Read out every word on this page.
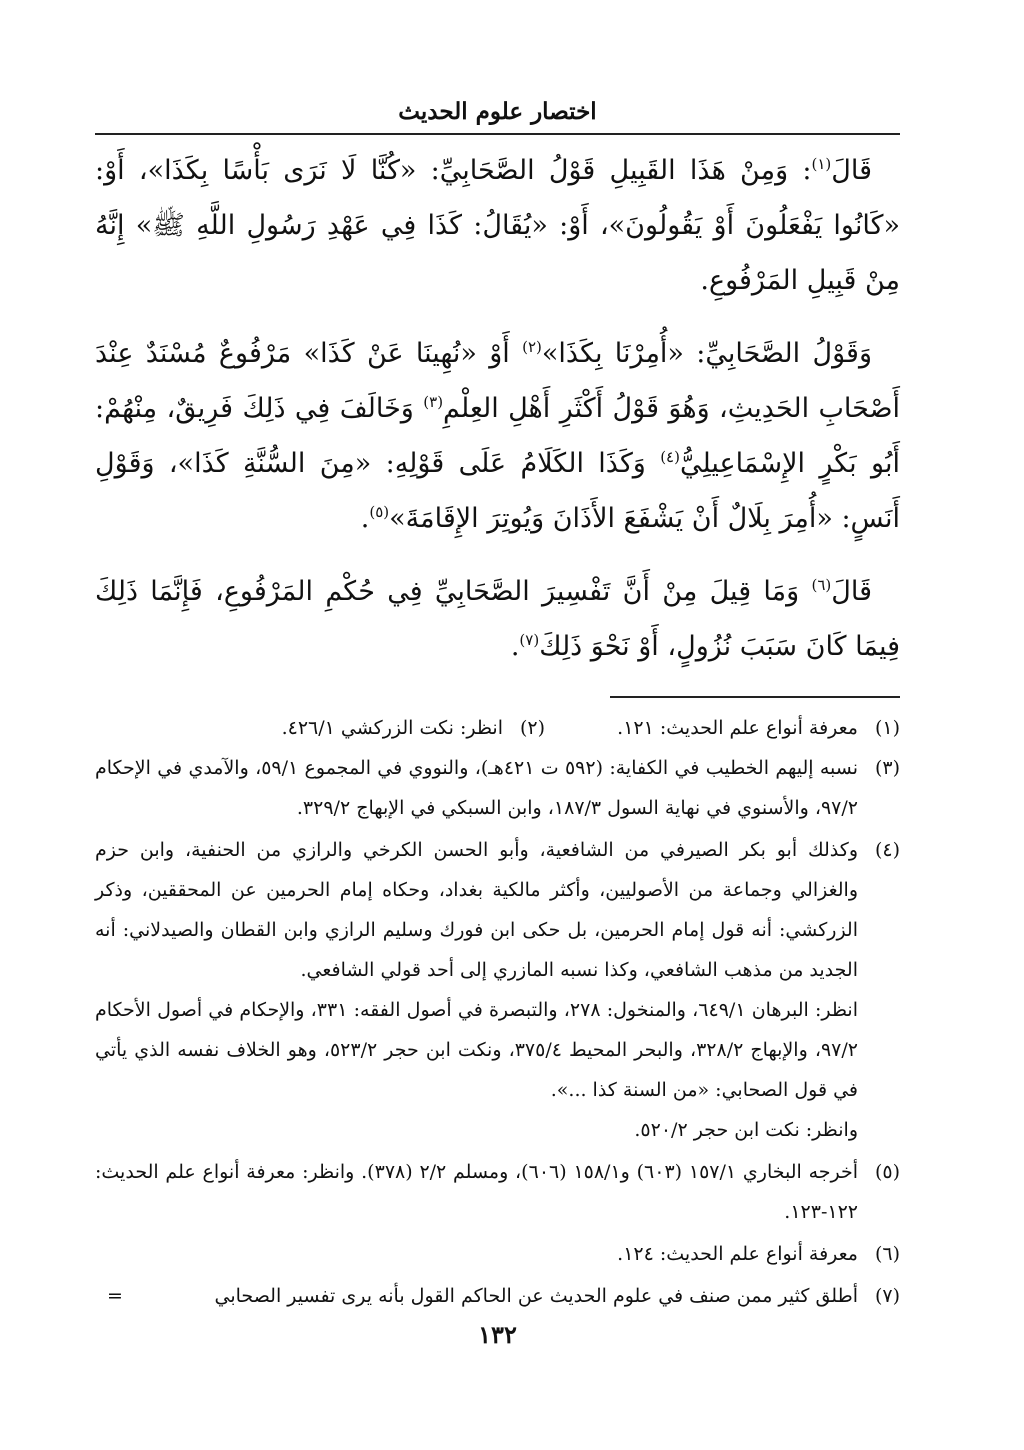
اختصار علوم الحديث

قَالَ$^{(١)}$: وَمِنْ هَذَا القَبِيلِ قَوْلُ الصَّحَابِيِّ: «كُنَّا لَا نَرَى بَأْسًا بِكَذَا»، أَوْ: «كَانُوا يَفْعَلُونَ أَوْ يَقُولُونَ»، أَوْ: «يُقَالُ: كَذَا فِي عَهْدِ رَسُولِ اللَّهِ ﷺ» إِنَّهُ مِنْ قَبِيلِ المَرْفُوعِ.

وَقَوْلُ الصَّحَابِيِّ: «أُمِرْنَا بِكَذَا»$^{(٢)}$ أَوْ «نُهِينَا عَنْ كَذَا» مَرْفُوعٌ مُسْنَدٌ عِنْدَ أَصْحَابِ الحَدِيثِ، وَهُوَ قَوْلُ أَكْثَرِ أَهْلِ العِلْمِ$^{(٣)}$ وَخَالَفَ فِي ذَلِكَ فَرِيقٌ، مِنْهُمْ: أَبُو بَكْرٍ الإِسْمَاعِيلِيُّ$^{(٤)}$ وَكَذَا الكَلَامُ عَلَى قَوْلِهِ: «مِنَ السُّنَّةِ كَذَا»، وَقَوْلِ أَنَسٍ: «أُمِرَ بِلَالٌ أَنْ يَشْفَعَ الأَذَانَ وَيُوتِرَ الإِقَامَةَ»$^{(٥)}$.

قَالَ$^{(٦)}$ وَمَا قِيلَ مِنْ أَنَّ تَفْسِيرَ الصَّحَابِيِّ فِي حُكْمِ المَرْفُوعِ، فَإِنَّمَا ذَلِكَ فِيمَا كَانَ سَبَبَ نُزُولٍ، أَوْ نَحْوَ ذَلِكَ$^{(٧)}$.

(١)
معرفة أنواع علم الحديث: ١٢١.
(٢)
انظر: نكت الزركشي ٤٢٦/١.
(٣)

نسبه إليهم الخطيب في الكفاية: (٥٩٢ ت ٤٢١هـ)، والنووي في المجموع ٥٩/١، والآمدي في الإحكام ٩٧/٢، والأسنوي في نهاية السول ١٨٧/٣، وابن السبكي في الإبهاج ٣٢٩/٢.

(٤)

وكذلك أبو بكر الصيرفي من الشافعية، وأبو الحسن الكرخي والرازي من الحنفية، وابن حزم والغزالي وجماعة من الأصوليين، وأكثر مالكية بغداد، وحكاه إمام الحرمين عن المحققين، وذكر الزركشي: أنه قول إمام الحرمين، بل حكى ابن فورك وسليم الرازي وابن القطان والصيدلاني: أنه الجديد من مذهب الشافعي، وكذا نسبه المازري إلى أحد قولي الشافعي.

انظر: البرهان ٦٤٩/١، والمنخول: ٢٧٨، والتبصرة في أصول الفقه: ٣٣١، والإحكام في أصول الأحكام ٩٧/٢، والإبهاج ٣٢٨/٢، والبحر المحيط ٣٧٥/٤، ونكت ابن حجر ٥٢٣/٢، وهو الخلاف نفسه الذي يأتي في قول الصحابي: «من السنة كذا ...».

وانظر: نكت ابن حجر ٥٢٠/٢.

(٥)

أخرجه البخاري ١٥٧/١ (٦٠٣) و١٥٨/١ (٦٠٦)، ومسلم ٢/٢ (٣٧٨). وانظر: معرفة أنواع علم الحديث: ١٢٢-١٢٣.

(٦)

معرفة أنواع علم الحديث: ١٢٤.

(٧)
أطلق كثير ممن صنف في علوم الحديث عن الحاكم القول بأنه يرى تفسير الصحابي
=
١٣٢
